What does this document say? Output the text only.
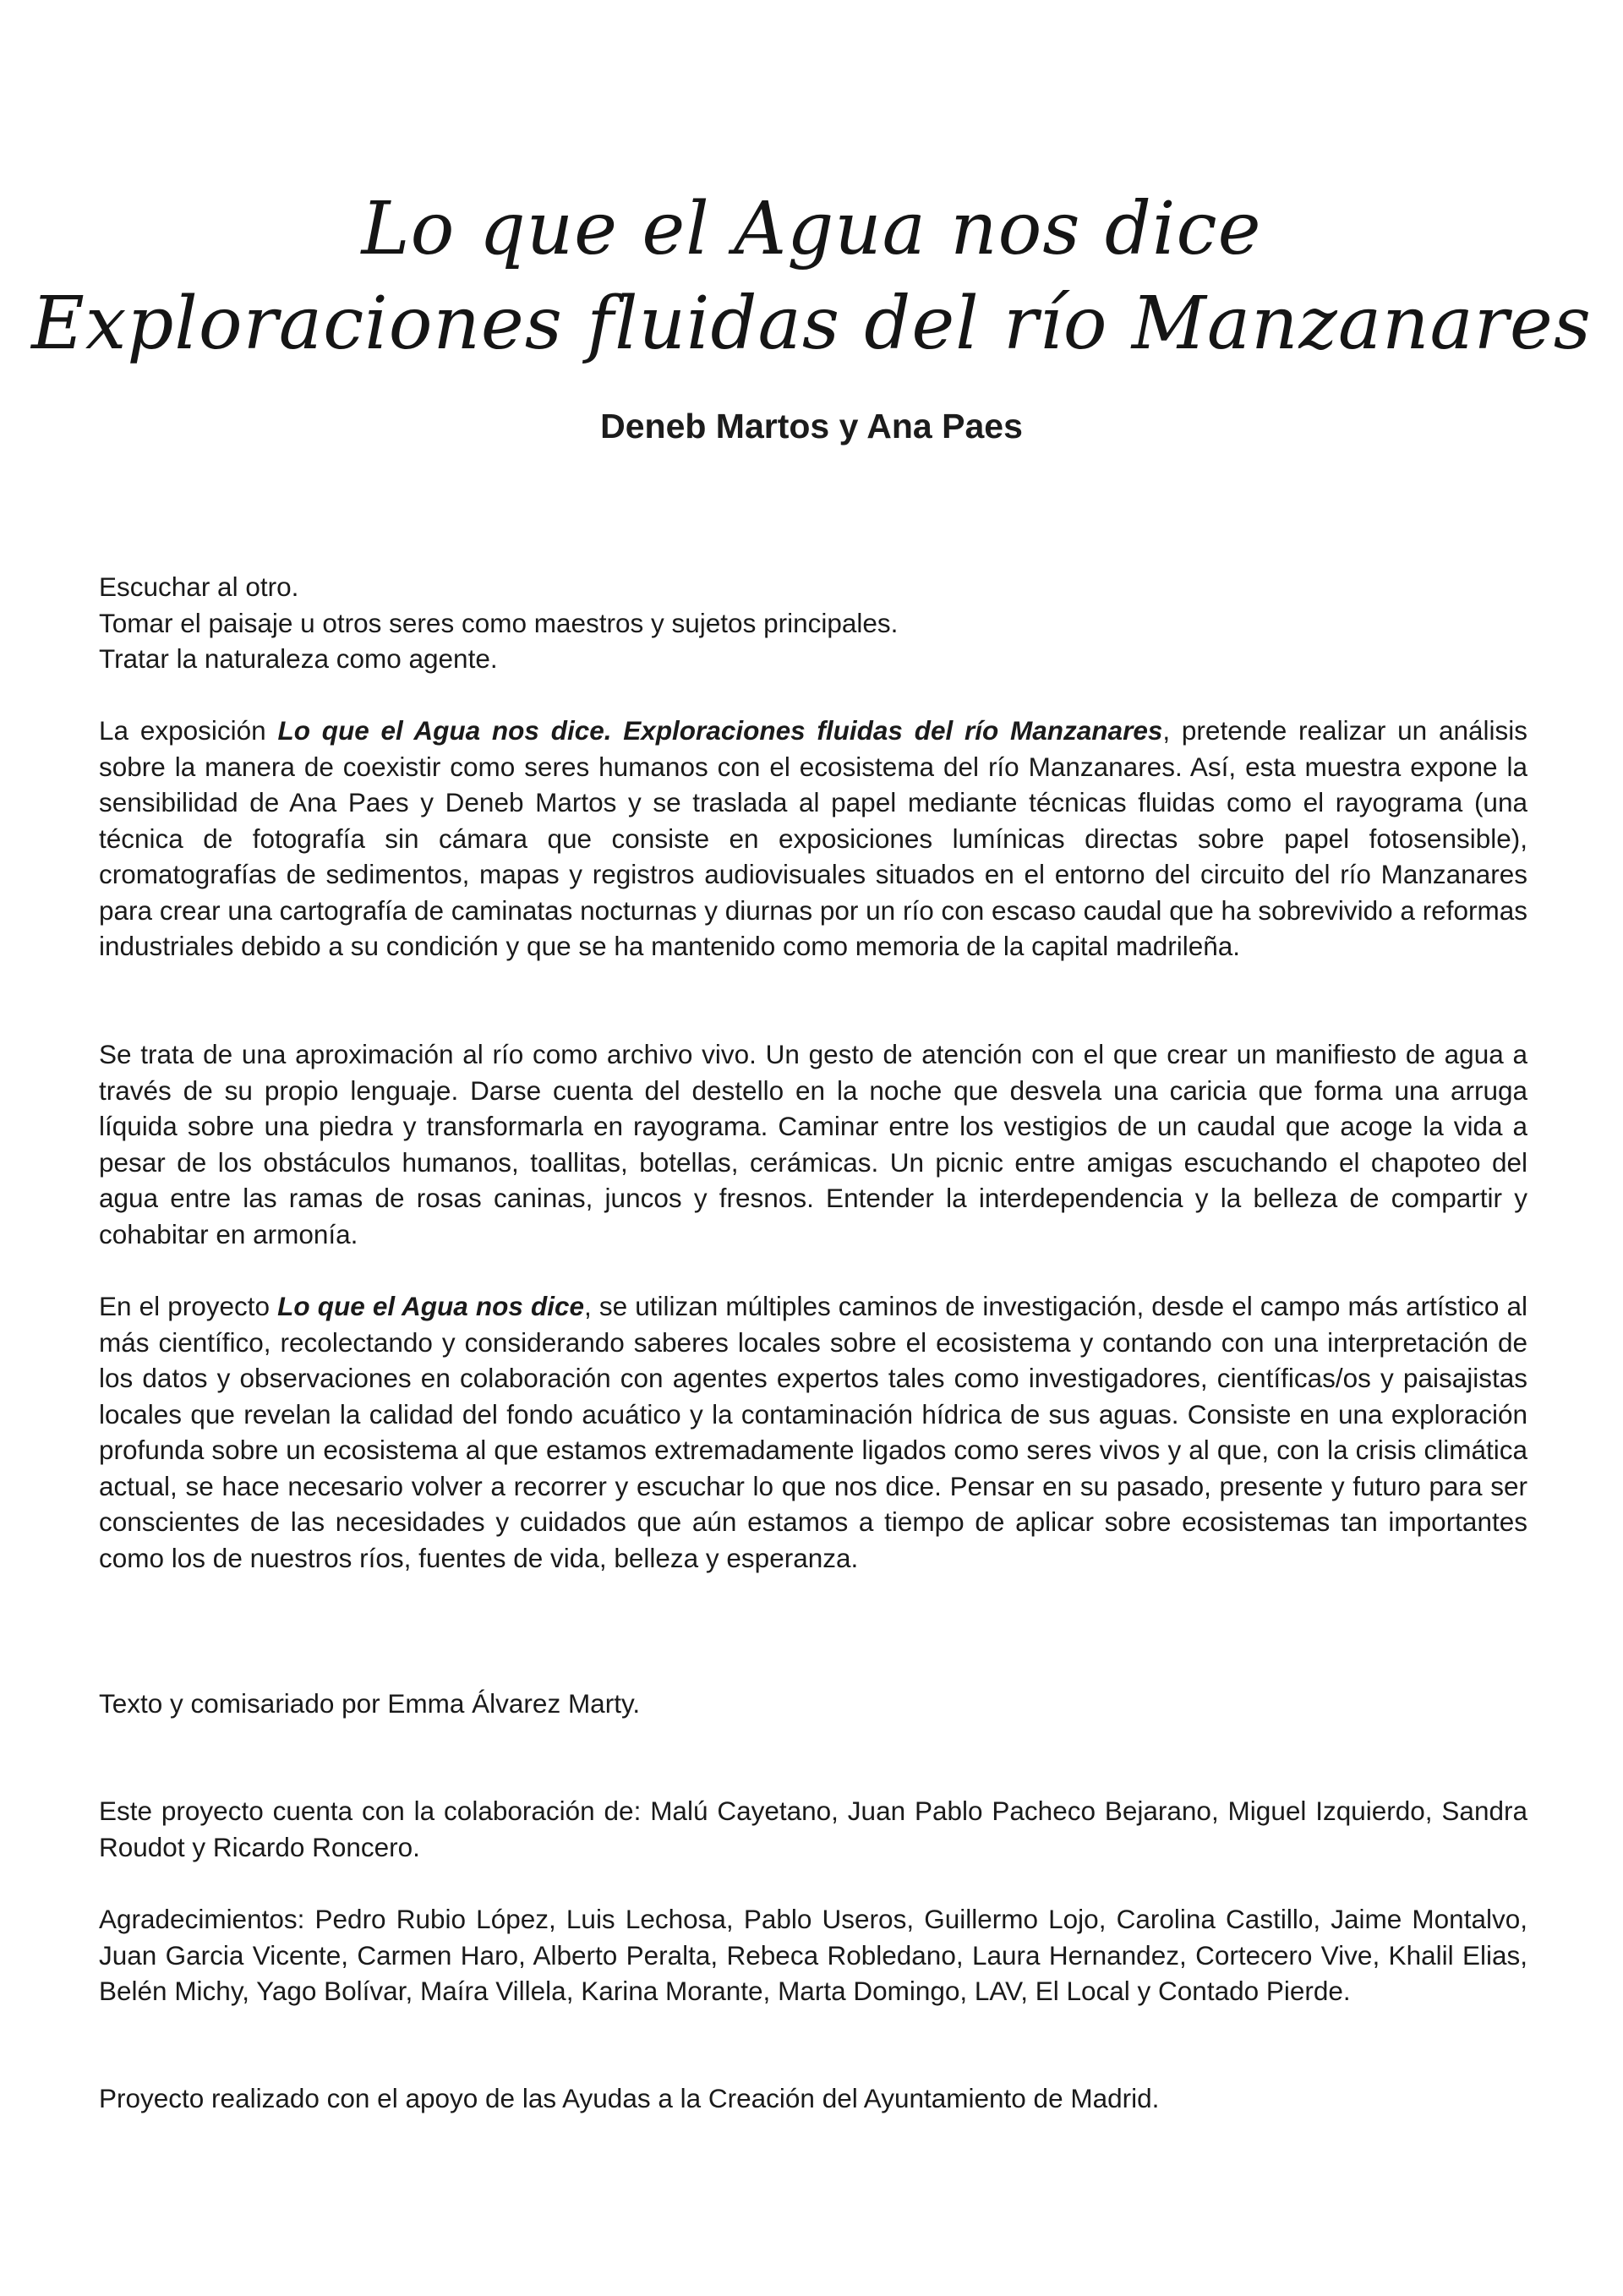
Lo que el Agua nos dice
Exploraciones fluidas del río Manzanares
Deneb Martos y Ana Paes
Escuchar al otro.
Tomar el paisaje u otros seres como maestros y sujetos principales.
Tratar la naturaleza como agente.

La exposición Lo que el Agua nos dice. Exploraciones fluidas del río Manzanares, pretende realizar un análisis sobre la manera de coexistir como seres humanos con el ecosistema del río Manzanares. Así, esta muestra expone la sensibilidad de Ana Paes y Deneb Martos y se traslada al papel mediante técnicas fluidas como el rayograma (una técnica de fotografía sin cámara que consiste en exposiciones lumínicas directas sobre papel fotosensible), cromatografías de sedimentos, mapas y registros audiovisuales situados en el entorno del circuito del río Manzanares para crear una cartografía de caminatas nocturnas y diurnas por un río con escaso caudal que ha sobrevivido a reformas industriales debido a su condición y que se ha mantenido como memoria de la capital madrileña.

Se trata de una aproximación al río como archivo vivo. Un gesto de atención con el que crear un manifiesto de agua a través de su propio lenguaje. Darse cuenta del destello en la noche que desvela una caricia que forma una arruga líquida sobre una piedra y transformarla en rayograma. Caminar entre los vestigios de un caudal que acoge la vida a pesar de los obstáculos humanos, toallitas, botellas, cerámicas. Un picnic entre amigas escuchando el chapoteo del agua entre las ramas de rosas caninas, juncos y fresnos. Entender la interdependencia y la belleza de compartir y cohabitar en armonía.

En el proyecto Lo que el Agua nos dice, se utilizan múltiples caminos de investigación, desde el campo más artístico al más científico, recolectando y considerando saberes locales sobre el ecosistema y contando con una interpretación de los datos y observaciones en colaboración con agentes expertos tales como investigadores, científicas/os y paisajistas locales que revelan la calidad del fondo acuático y la contaminación hídrica de sus aguas. Consiste en una exploración profunda sobre un ecosistema al que estamos extremadamente ligados como seres vivos y al que, con la crisis climática actual, se hace necesario volver a recorrer y escuchar lo que nos dice. Pensar en su pasado, presente y futuro para ser conscientes de las necesidades y cuidados que aún estamos a tiempo de aplicar sobre ecosistemas tan importantes como los de nuestros ríos, fuentes de vida, belleza y esperanza.

Texto y comisariado por Emma Álvarez Marty.
Este proyecto cuenta con la colaboración de: Malú Cayetano, Juan Pablo Pacheco Bejarano, Miguel Izquierdo, Sandra Roudot y Ricardo Roncero.
Agradecimientos: Pedro Rubio López, Luis Lechosa, Pablo Useros, Guillermo Lojo, Carolina Castillo, Jaime Montalvo, Juan Garcia Vicente, Carmen Haro, Alberto Peralta, Rebeca Robledano, Laura Hernandez, Cortecero Vive, Khalil Elias, Belén Michy, Yago Bolívar, Maíra Villela, Karina Morante, Marta Domingo, LAV, El Local y Contado Pierde.
Proyecto realizado con el apoyo de las Ayudas a la Creación del Ayuntamiento de Madrid.
